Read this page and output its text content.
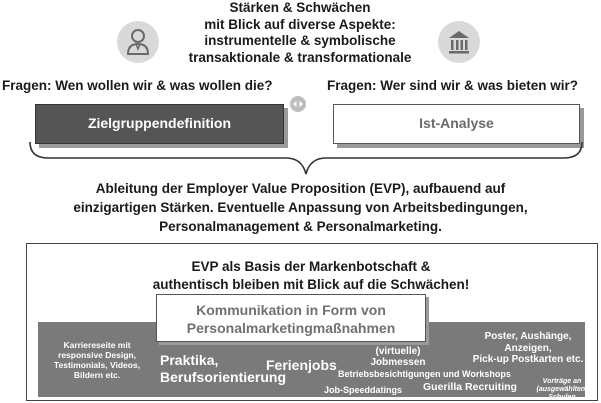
Stärken & Schwächen
mit Blick auf diverse Aspekte:
instrumentelle & symbolische
transaktionale & transformationale
Fragen: Wen wollen wir & was wollen die?	Fragen: Wer sind wir & was bieten wir?
Zielgruppendefinition	Ist-Analyse
Ableitung der Employer Value Proposition (EVP), aufbauend auf
einzigartigen Stärken. Eventuelle Anpassung von Arbeitsbedingungen,
Personalmanagement & Personalmarketing.
EVP als Basis der Markenbotschaft &
authentisch bleiben mit Blick auf die Schwächen!
Karriereseite mit
responsive Design,
Testimonials, Videos,
Bildern etc.
Praktika,
Berufsorientierung
Ferienjobs
(virtuelle)
Jobmessen
Betriebsbesichtigungen und Workshops
Job-Speeddatings Guerilla Recruiting	Vorträge an
(ausgewählten)
Schulen
Poster, Aushänge,
Anzeigen,
Pick-up Postkarten etc.
Kommunikation in Form von
Personalmarketingmaßnahmen
